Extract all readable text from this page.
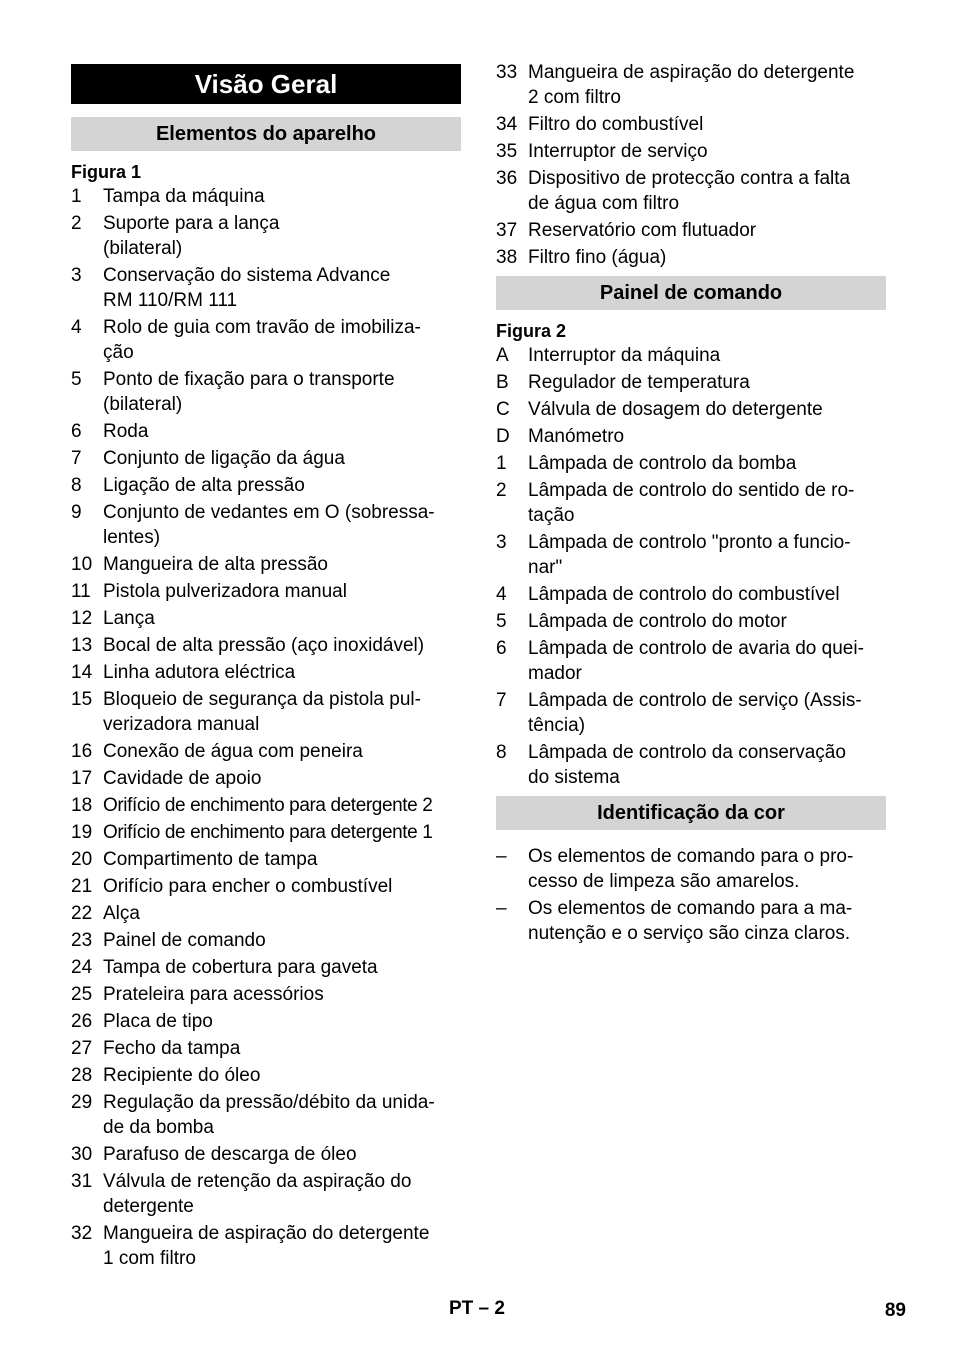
Visão Geral
Elementos do aparelho
Figura 1
1	Tampa da máquina
2	Suporte para a lança
(bilateral)
3	Conservação do sistema Advance
RM 110/RM 111
4	Rolo de guia com travão de imobiliza-
ção
5	Ponto de fixação para o transporte
(bilateral)
6	Roda
7	Conjunto de ligação da água
8	Ligação de alta pressão
9	Conjunto de vedantes em O (sobressa-
lentes)
10 Mangueira de alta pressão
11 Pistola pulverizadora manual
12 Lança
13 Bocal de alta pressão (aço inoxidável)
14 Linha adutora eléctrica
15 Bloqueio de segurança da pistola pul-
verizadora manual
16 Conexão de água com peneira
17 Cavidade de apoio
18 Orifício de enchimento para detergente 2
19 Orifício de enchimento para detergente 1
20 Compartimento de tampa
21 Orifício para encher o combustível
22 Alça
23 Painel de comando
24 Tampa de cobertura para gaveta
25 Prateleira para acessórios
26 Placa de tipo
27 Fecho da tampa
28 Recipiente do óleo
29 Regulação da pressão/débito da unida-
de da bomba
30 Parafuso de descarga de óleo
31 Válvula de retenção da aspiração do
detergente
32 Mangueira de aspiração do detergente
1 com filtro
33 Mangueira de aspiração do detergente
2 com filtro
34 Filtro do combustível
35 Interruptor de serviço
36 Dispositivo de protecção contra a falta
de água com filtro
37 Reservatório com flutuador
38 Filtro fino (água)
Painel de comando
Figura 2
A	Interruptor da máquina
B	Regulador de temperatura
C Válvula de dosagem do detergente
D Manómetro
1	Lâmpada de controlo da bomba
2	Lâmpada de controlo do sentido de ro-
tação
3	Lâmpada de controlo "pronto a funcio-
nar"
4	Lâmpada de controlo do combustível
5	Lâmpada de controlo do motor
6	Lâmpada de controlo de avaria do quei-
mador
7	Lâmpada de controlo de serviço (Assis-
tência)
8	Lâmpada de controlo da conservação
do sistema
Identificação da cor
–	Os elementos de comando para o pro-
cesso de limpeza são amarelos.
–	Os elementos de comando para a ma-
nutenção e o serviço são cinza claros.
PT – 2	89
